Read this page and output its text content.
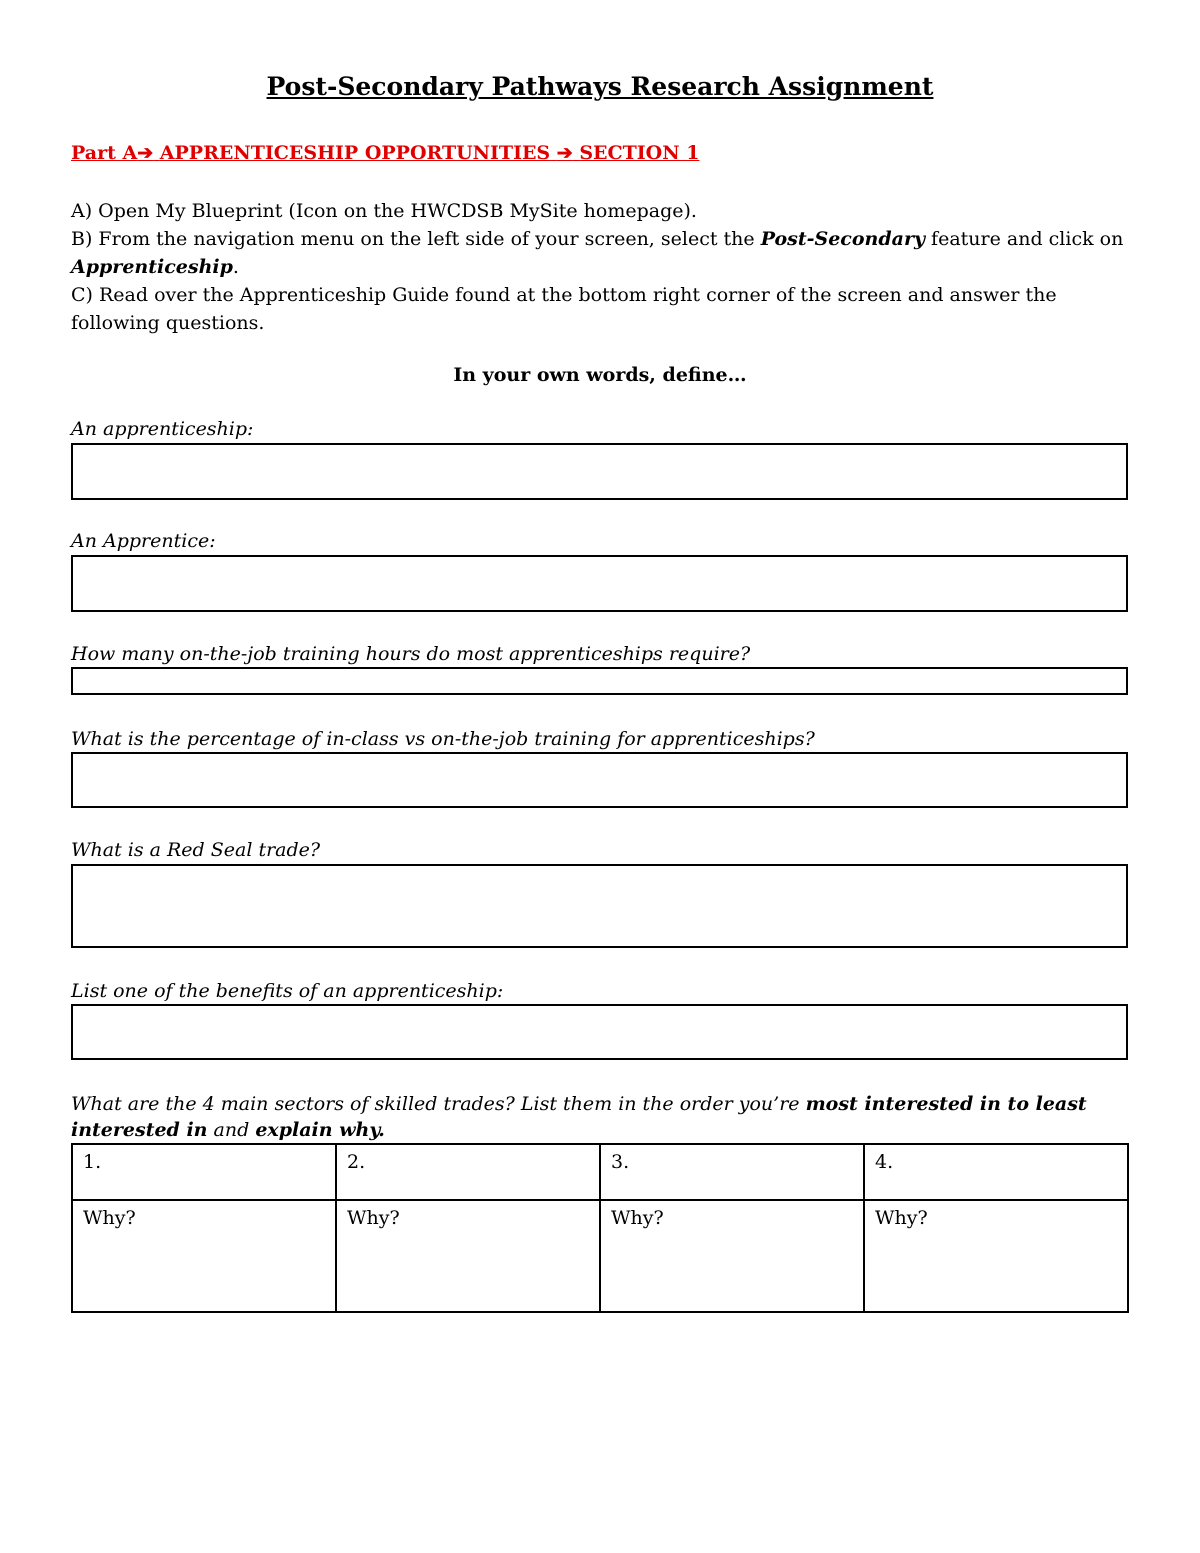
Post-Secondary Pathways Research Assignment
Part A➔ APPRENTICESHIP OPPORTUNITIES ➔ SECTION 1

A) Open My Blueprint (Icon on the HWCDSB MySite homepage).

B) From the navigation menu on the left side of your screen, select the Post-Secondary feature and click on Apprenticeship.

C) Read over the Apprenticeship Guide found at the bottom right corner of the screen and answer the following questions.

In your own words, define…
An apprenticeship:
An Apprentice:
How many on-the-job training hours do most apprenticeships require?
What is the percentage of in-class vs on-the-job training for apprenticeships?
What is a Red Seal trade?
List one of the benefits of an apprenticeship:
What are the 4 main sectors of skilled trades? List them in the order you’re most interested in to least interested in and explain why.
1.	2.	3.	4.
Why?	Why?	Why?	Why?
